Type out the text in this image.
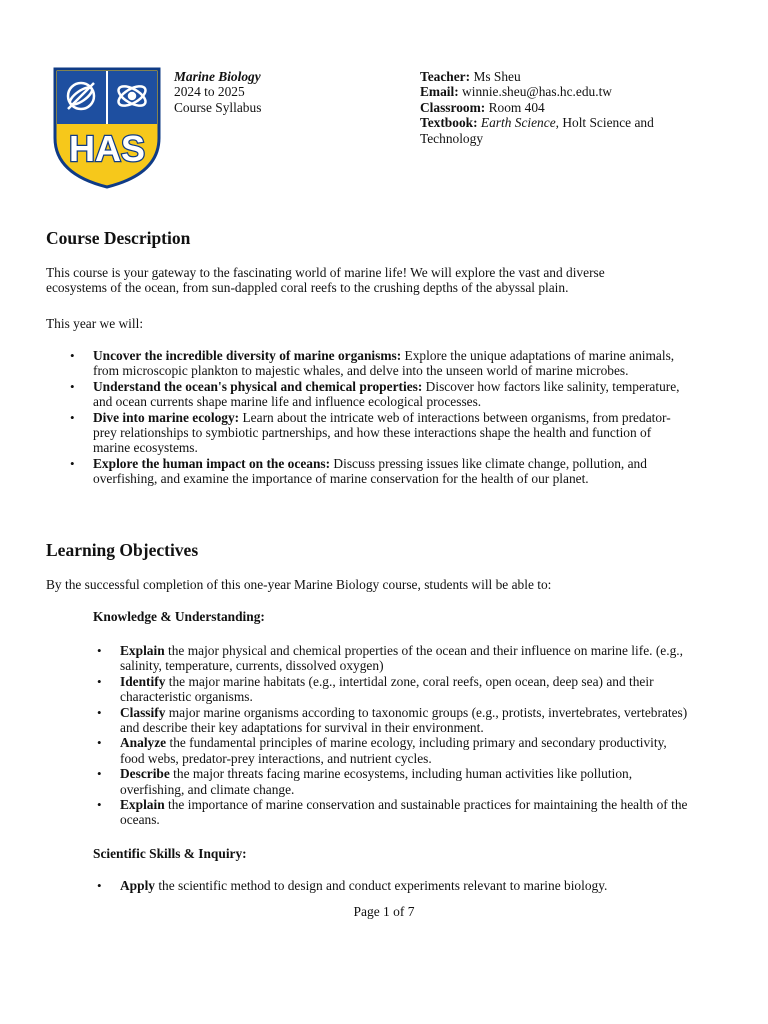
HAS
Marine Biology
2024 to 2025
Course Syllabus
Teacher: Ms Sheu
Email: winnie.sheu@has.hc.edu.tw
Classroom: Room 404
Textbook: Earth Science, Holt Science and
Technology
Course Description
This course is your gateway to the fascinating world of marine life! We will explore the vast and diverse
ecosystems of the ocean, from sun-dappled coral reefs to the crushing depths of the abyssal plain.

This year we will:

• Uncover the incredible diversity of marine organisms: Explore the unique adaptations of marine animals,
from microscopic plankton to majestic whales, and delve into the unseen world of marine microbes.
• Understand the ocean's physical and chemical properties: Discover how factors like salinity, temperature,
and ocean currents shape marine life and influence ecological processes.
• Dive into marine ecology: Learn about the intricate web of interactions between organisms, from predator-
prey relationships to symbiotic partnerships, and how these interactions shape the health and function of
marine ecosystems.
• Explore the human impact on the oceans: Discuss pressing issues like climate change, pollution, and
overfishing, and examine the importance of marine conservation for the health of our planet.
Learning Objectives

By the successful completion of this one-year Marine Biology course, students will be able to:

Knowledge & Understanding:

• Explain the major physical and chemical properties of the ocean and their influence on marine life. (e.g.,
salinity, temperature, currents, dissolved oxygen)
• Identify the major marine habitats (e.g., intertidal zone, coral reefs, open ocean, deep sea) and their
characteristic organisms.
• Classify major marine organisms according to taxonomic groups (e.g., protists, invertebrates, vertebrates)
and describe their key adaptations for survival in their environment.
• Analyze the fundamental principles of marine ecology, including primary and secondary productivity,
food webs, predator-prey interactions, and nutrient cycles.
• Describe the major threats facing marine ecosystems, including human activities like pollution,
overfishing, and climate change.
• Explain the importance of marine conservation and sustainable practices for maintaining the health of the
oceans.

Scientific Skills & Inquiry:

• Apply the scientific method to design and conduct experiments relevant to marine biology.
Page 1 of 7
